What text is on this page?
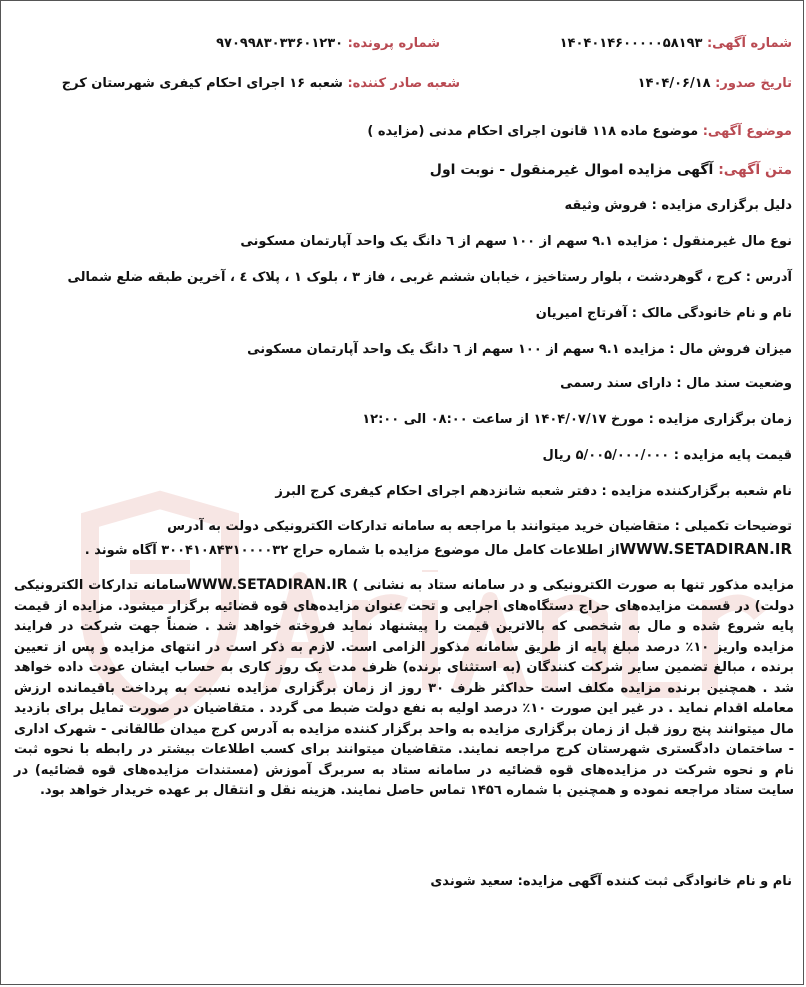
شماره آگهی: ۱۴۰۴۰۱۴۶۰۰۰۰۰۵۸۱۹۳
شماره پرونده: ۹۷۰۹۹۸۳۰۳۳۶۰۱۲۳۰
تاریخ صدور: ۱۴۰۴/۰۶/۱۸
شعبه صادر کننده: شعبه ۱۶ اجرای احکام کیفری شهرستان کرج
موضوع آگهی: موضوع ماده ۱۱۸ قانون اجرای احکام مدنی (مزایده )
متن آگهی: آگهی مزایده اموال غیرمنقول - نوبت اول
دلیل برگزاری مزایده : فروش وثیقه
نوع مال غیرمنقول : مزایده ۹.۱ سهم از ۱۰۰ سهم از ٦ دانگ یک واحد آپارتمان مسکونی
آدرس : کرج ، گوهردشت ، بلوار رستاخیز ، خیابان ششم غربی ، فاز ۳ ، بلوک ۱ ، پلاک ٤ ، آخرین طبقه ضلع شمالی
نام و نام خانودگی مالک : آفرتاج امیریان
میزان فروش مال : مزایده ۹.۱ سهم از ۱۰۰ سهم از ٦ دانگ یک واحد آپارتمان مسکونی
وضعیت سند مال : دارای سند رسمی
زمان برگزاری مزایده : مورخ ۱۴۰۴/۰۷/۱۷ از ساعت ۰۸:۰۰ الی ۱۲:۰۰
قیمت پایه مزایده : ۵/۰۰۵/۰۰۰/۰۰۰ ریال
نام شعبه برگزارکننده مزایده : دفتر شعبه شانزدهم اجرای احکام کیفری کرج البرز
توضیحات تکمیلی : متقاضیان خرید میتوانند با مراجعه به سامانه تدارکات الکترونیکی دولت به آدرس
WWW.SETADIRAN.IRاز اطلاعات کامل مال موضوع مزایده با شماره حراج ۳۰۰۴۱۰۸۴۳۱۰۰۰۰۳۲ آگاه شوند .
مزایده مذکور تنها به صورت الکترونیکی و در سامانه ستاد به نشانی ) WWW.SETADIRAN.IRسامانه تدارکات الکترونیکی دولت) در قسمت مزایده‌های حراج دستگاه‌های اجرایی و تحت عنوان مزایده‌های قوه قضائیه برگزار میشود. مزایده از قیمت پایه شروع شده و مال به شخصی که بالاترین قیمت را پیشنهاد نماید فروخته خواهد شد . ضمناً جهت شرکت در فرایند مزایده واریز ۱۰٪ درصد مبلغ پایه از طریق سامانه مذکور الزامی است. لازم به ذکر است در انتهای مزایده و پس از تعیین برنده ، مبالغ تضمین سایر شرکت کنندگان (به استثنای برنده) ظرف مدت یک روز کاری به حساب ایشان عودت داده خواهد شد . همچنین برنده مزایده مکلف است حداکثر ظرف ۳۰ روز از زمان برگزاری مزایده نسبت به پرداخت باقیمانده ارزش معامله اقدام نماید . در غیر این صورت ۱۰٪ درصد اولیه به نفع دولت ضبط می گردد . متقاضیان در صورت تمایل برای بازدید مال میتوانند پنج روز قبل از زمان برگزاری مزایده به واحد برگزار کننده مزایده به آدرس کرج میدان طالقانی - شهرک اداری - ساختمان دادگستری شهرستان کرج مراجعه نمایند. متقاضیان میتوانند برای کسب اطلاعات بیشتر در رابطه با نحوه ثبت نام و نحوه شرکت در مزایده‌های قوه قضائیه در سامانه ستاد به سربرگ آموزش (مستندات مزایده‌های قوه قضائیه) در سایت ستاد مراجعه نموده و همچنین با شماره ۱۴۵٦ تماس حاصل نمایند. هزینه نقل و انتقال بر عهده خریدار خواهد بود.
نام و نام خانوادگی ثبت کننده آگهی مزایده: سعید شوندی
